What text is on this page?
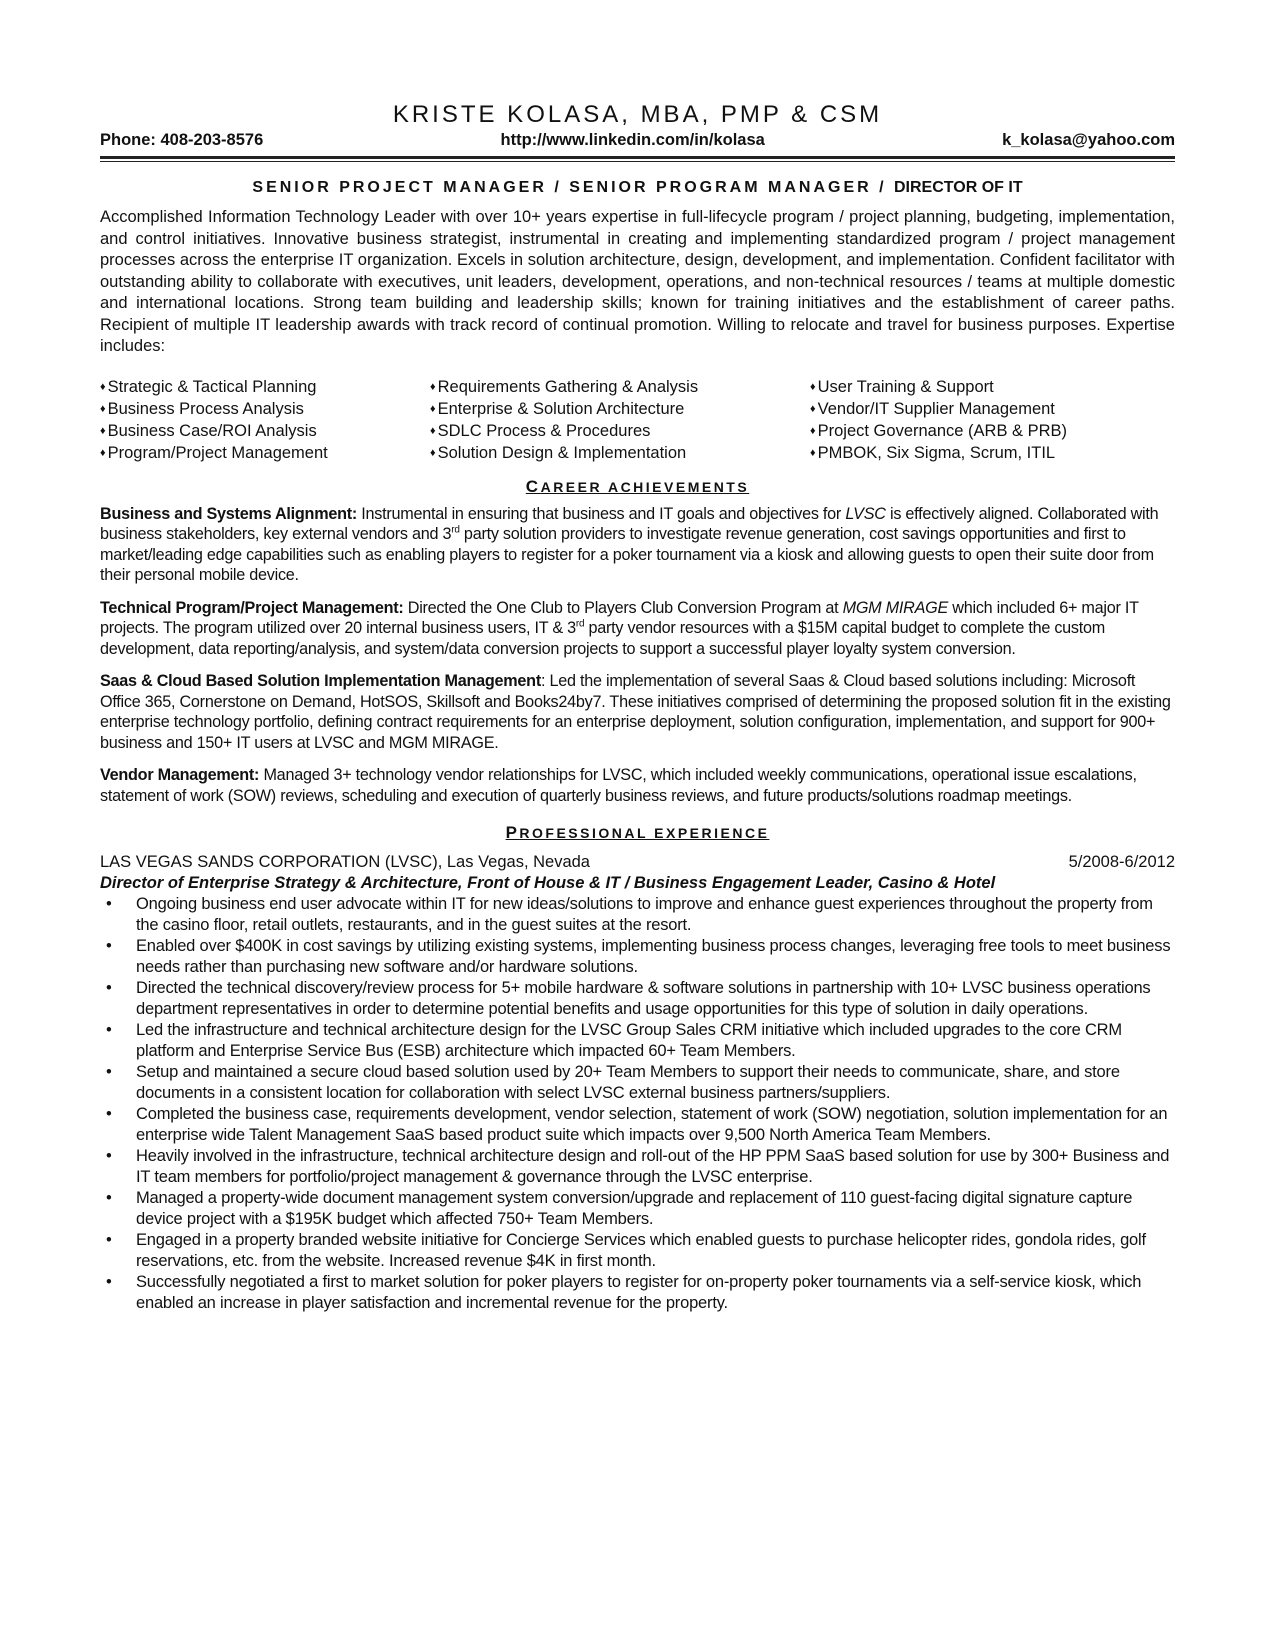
KRISTE KOLASA, MBA, PMP & CSM
Phone: 408-203-8576	http://www.linkedin.com/in/kolasa	k_kolasa@yahoo.com
SENIOR PROJECT MANAGER / SENIOR PROGRAM MANAGER / DIRECTOR OF IT

Accomplished Information Technology Leader with over 10+ years expertise in full-lifecycle program / project planning, budgeting, implementation, and control initiatives. Innovative business strategist, instrumental in creating and implementing standardized program / project management processes across the enterprise IT organization. Excels in solution architecture, design, development, and implementation. Confident facilitator with outstanding ability to collaborate with executives, unit leaders, development, operations, and non-technical resources / teams at multiple domestic and international locations. Strong team building and leadership skills; known for training initiatives and the establishment of career paths. Recipient of multiple IT leadership awards with track record of continual promotion. Willing to relocate and travel for business purposes. Expertise includes:

♦ Strategic & Tactical Planning	♦ Requirements Gathering & Analysis	♦ User Training & Support
♦ Business Process Analysis	♦ Enterprise & Solution Architecture	♦ Vendor/IT Supplier Management
♦ Business Case/ROI Analysis	♦ SDLC Process & Procedures	♦ Project Governance (ARB & PRB)
♦ Program/Project Management	♦ Solution Design & Implementation	♦ PMBOK, Six Sigma, Scrum, ITIL
CAREER ACHIEVEMENTS
Business and Systems Alignment: Instrumental in ensuring that business and IT goals and objectives for LVSC is effectively aligned. Collaborated with business stakeholders, key external vendors and 3rd party solution providers to investigate revenue generation, cost savings opportunities and first to market/leading edge capabilities such as enabling players to register for a poker tournament via a kiosk and allowing guests to open their suite door from their personal mobile device.
Technical Program/Project Management: Directed the One Club to Players Club Conversion Program at MGM MIRAGE which included 6+ major IT projects. The program utilized over 20 internal business users, IT & 3rd party vendor resources with a $15M capital budget to complete the custom development, data reporting/analysis, and system/data conversion projects to support a successful player loyalty system conversion.
Saas & Cloud Based Solution Implementation Management: Led the implementation of several Saas & Cloud based solutions including: Microsoft Office 365, Cornerstone on Demand, HotSOS, Skillsoft and Books24by7. These initiatives comprised of determining the proposed solution fit in the existing enterprise technology portfolio, defining contract requirements for an enterprise deployment, solution configuration, implementation, and support for 900+ business and 150+ IT users at LVSC and MGM MIRAGE.
Vendor Management: Managed 3+ technology vendor relationships for LVSC, which included weekly communications, operational issue escalations, statement of work (SOW) reviews, scheduling and execution of quarterly business reviews, and future products/solutions roadmap meetings.
PROFESSIONAL EXPERIENCE
LAS VEGAS SANDS CORPORATION (LVSC), Las Vegas, Nevada	5/2008-6/2012
Director of Enterprise Strategy & Architecture, Front of House & IT / Business Engagement Leader, Casino & Hotel
• Ongoing business end user advocate within IT for new ideas/solutions to improve and enhance guest experiences throughout the property from the casino floor, retail outlets, restaurants, and in the guest suites at the resort.
• Enabled over $400K in cost savings by utilizing existing systems, implementing business process changes, leveraging free tools to meet business needs rather than purchasing new software and/or hardware solutions.
• Directed the technical discovery/review process for 5+ mobile hardware & software solutions in partnership with 10+ LVSC business operations department representatives in order to determine potential benefits and usage opportunities for this type of solution in daily operations.
• Led the infrastructure and technical architecture design for the LVSC Group Sales CRM initiative which included upgrades to the core CRM platform and Enterprise Service Bus (ESB) architecture which impacted 60+ Team Members.
• Setup and maintained a secure cloud based solution used by 20+ Team Members to support their needs to communicate, share, and store documents in a consistent location for collaboration with select LVSC external business partners/suppliers.
• Completed the business case, requirements development, vendor selection, statement of work (SOW) negotiation, solution implementation for an enterprise wide Talent Management SaaS based product suite which impacts over 9,500 North America Team Members.
• Heavily involved in the infrastructure, technical architecture design and roll-out of the HP PPM SaaS based solution for use by 300+ Business and IT team members for portfolio/project management & governance through the LVSC enterprise.
• Managed a property-wide document management system conversion/upgrade and replacement of 110 guest-facing digital signature capture device project with a $195K budget which affected 750+ Team Members.
• Engaged in a property branded website initiative for Concierge Services which enabled guests to purchase helicopter rides, gondola rides, golf reservations, etc. from the website. Increased revenue $4K in first month.
• Successfully negotiated a first to market solution for poker players to register for on-property poker tournaments via a self-service kiosk, which enabled an increase in player satisfaction and incremental revenue for the property.
